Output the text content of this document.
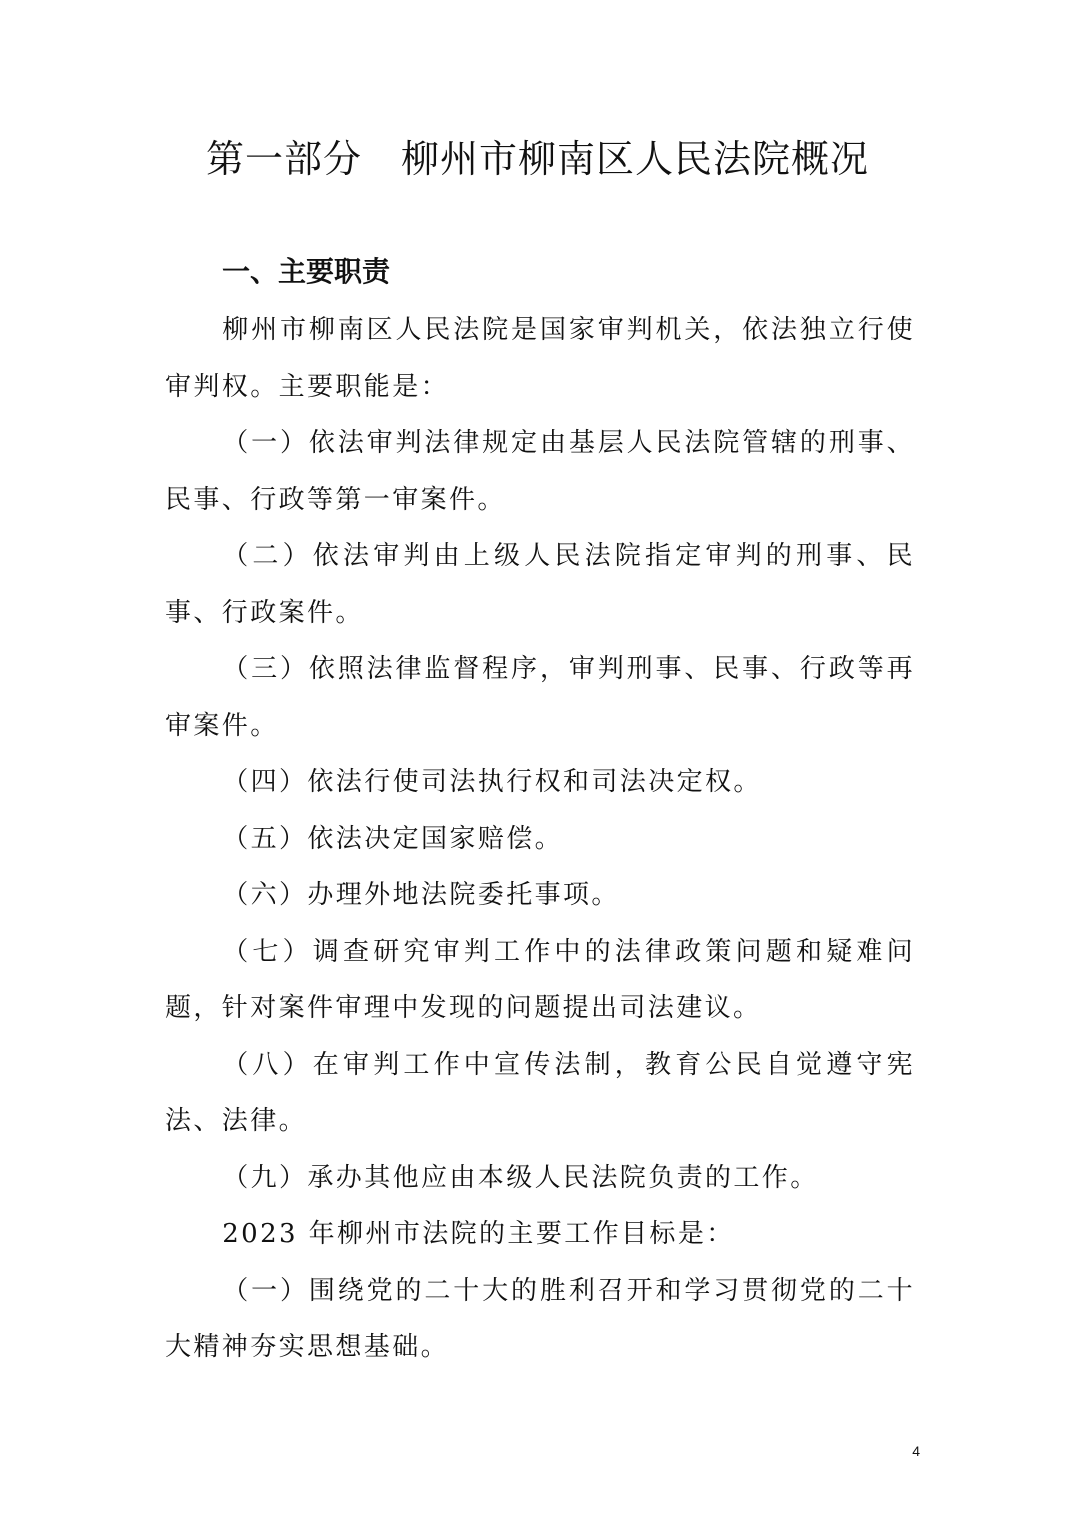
第一部分　柳州市柳南区人民法院概况
一、主要职责

柳州市柳南区人民法院是国家审判机关，依法独立行使审判权。主要职能是：

（一）依法审判法律规定由基层人民法院管辖的刑事、民事、行政等第一审案件。

（二）依法审判由上级人民法院指定审判的刑事、民事、行政案件。

（三）依照法律监督程序，审判刑事、民事、行政等再审案件。

（四）依法行使司法执行权和司法决定权。

（五）依法决定国家赔偿。

（六）办理外地法院委托事项。

（七）调查研究审判工作中的法律政策问题和疑难问题，针对案件审理中发现的问题提出司法建议。

（八）在审判工作中宣传法制，教育公民自觉遵守宪法、法律。

（九）承办其他应由本级人民法院负责的工作。

2023 年柳州市法院的主要工作目标是：

（一）围绕党的二十大的胜利召开和学习贯彻党的二十大精神夯实思想基础。

4
